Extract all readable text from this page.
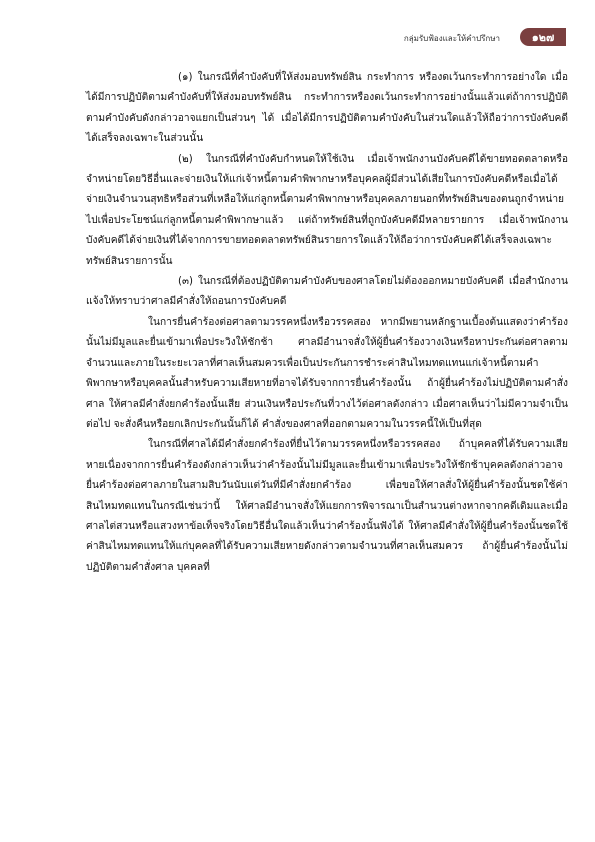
กลุ่มรับฟ้องและให้คำปรึกษา	๑๒๗

(๑) ในกรณีที่คำบังคับที่ให้ส่งมอบทรัพย์สิน กระทำการ หรืองดเว้นกระทำการอย่างใด เมื่อได้มีการปฏิบัติตามคำบังคับที่ให้ส่งมอบทรัพย์สิน กระทำการหรืองดเว้นกระทำการอย่างนั้นแล้วแต่ถ้าการปฏิบัติตามคำบังคับดังกล่าวอาจแยกเป็นส่วนๆ ได้ เมื่อได้มีการปฏิบัติตามคำบังคับในส่วนใดแล้วให้ถือว่าการบังคับคดีได้เสร็จลงเฉพาะในส่วนนั้น

(๒) ในกรณีที่คำบังคับกำหนดให้ใช้เงิน เมื่อเจ้าพนักงานบังคับคดีได้ขายทอดตลาดหรือจำหน่ายโดยวิธีอื่นและจ่ายเงินให้แก่เจ้าหนี้ตามคำพิพากษาหรือบุคคลผู้มีส่วนได้เสียในการบังคับคดีหรือเมื่อได้จ่ายเงินจำนวนสุทธิหรือส่วนที่เหลือให้แก่ลูกหนี้ตามคำพิพากษาหรือบุคคลภายนอกที่ทรัพย์สินของตนถูกจำหน่ายไปเพื่อประโยชน์แก่ลูกหนี้ตามคำพิพากษาแล้ว แต่ถ้าทรัพย์สินที่ถูกบังคับคดีมีหลายรายการ เมื่อเจ้าพนักงานบังคับคดีได้จ่ายเงินที่ได้จากการขายทอดตลาดทรัพย์สินรายการใดแล้วให้ถือว่าการบังคับคดีได้เสร็จลงเฉพาะทรัพย์สินรายการนั้น

(๓) ในกรณีที่ต้องปฏิบัติตามคำบังคับของศาลโดยไม่ต้องออกหมายบังคับคดี เมื่อสำนักงานแจ้งให้ทราบว่าศาลมีคำสั่งให้ถอนการบังคับคดี

ในการยื่นคำร้องต่อศาลตามวรรคหนึ่งหรือวรรคสอง หากมีพยานหลักฐานเบื้องต้นแสดงว่าคำร้องนั้นไม่มีมูลและยื่นเข้ามาเพื่อประวิงให้ชักช้า ศาลมีอำนาจสั่งให้ผู้ยื่นคำร้องวางเงินหรือหาประกันต่อศาลตามจำนวนและภายในระยะเวลาที่ศาลเห็นสมควรเพื่อเป็นประกันการชำระค่าสินไหมทดแทนแก่เจ้าหนี้ตามคำพิพากษาหรือบุคคลนั้นสำหรับความเสียหายที่อาจได้รับจากการยื่นคำร้องนั้น ถ้าผู้ยื่นคำร้องไม่ปฏิบัติตามคำสั่งศาล ให้ศาลมีคำสั่งยกคำร้องนั้นเสีย ส่วนเงินหรือประกันที่วางไว้ต่อศาลดังกล่าว เมื่อศาลเห็นว่าไม่มีความจำเป็นต่อไป จะสั่งคืนหรือยกเลิกประกันนั้นก็ได้ คำสั่งของศาลที่ออกตามความในวรรคนี้ให้เป็นที่สุด

ในกรณีที่ศาลได้มีคำสั่งยกคำร้องที่ยื่นไว้ตามวรรคหนึ่งหรือวรรคสอง ถ้าบุคคลที่ได้รับความเสียหายเนื่องจากการยื่นคำร้องดังกล่าวเห็นว่าคำร้องนั้นไม่มีมูลและยื่นเข้ามาเพื่อประวิงให้ชักช้าบุคคลดังกล่าวอาจยื่นคำร้องต่อศาลภายในสามสิบวันนับแต่วันที่มีคำสั่งยกคำร้อง เพื่อขอให้ศาลสั่งให้ผู้ยื่นคำร้องนั้นชดใช้ค่าสินไหมทดแทนในกรณีเช่นว่านี้ ให้ศาลมีอำนาจสั่งให้แยกการพิจารณาเป็นสำนวนต่างหากจากคดีเดิมและเมื่อศาลไต่สวนหรือแสวงหาข้อเท็จจริงโดยวิธีอื่นใดแล้วเห็นว่าคำร้องนั้นฟังได้ ให้ศาลมีคำสั่งให้ผู้ยื่นคำร้องนั้นชดใช้ค่าสินไหมทดแทนให้แก่บุคคลที่ได้รับความเสียหายดังกล่าวตามจำนวนที่ศาลเห็นสมควร ถ้าผู้ยื่นคำร้องนั้นไม่ปฏิบัติตามคำสั่งศาล บุคคลที่
